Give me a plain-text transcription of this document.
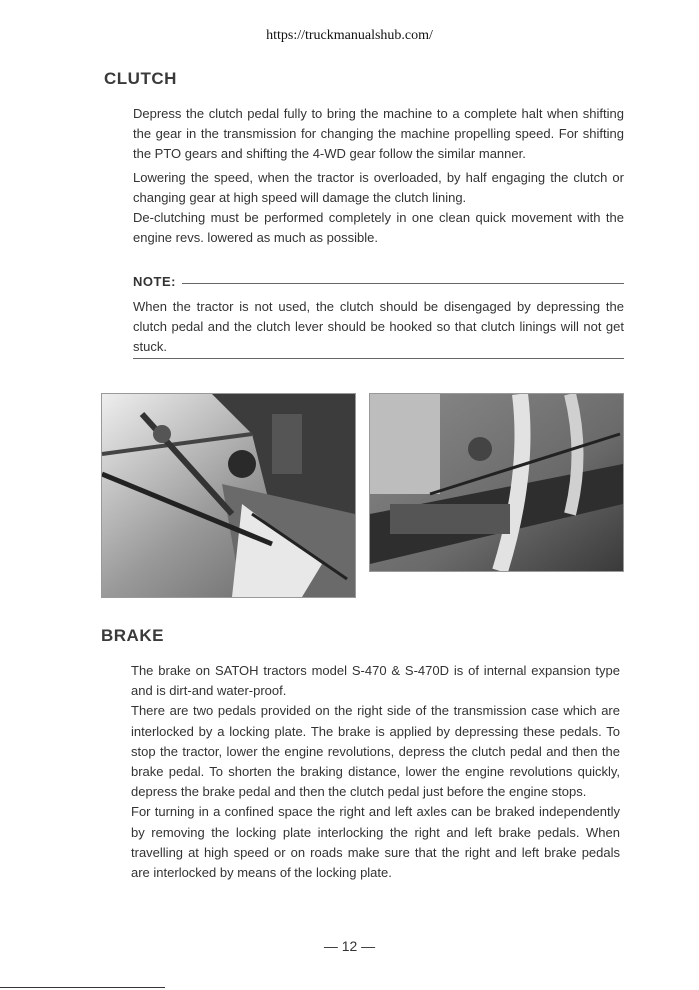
https://truckmanualshub.com/
CLUTCH

Depress the clutch pedal fully to bring the machine to a complete halt when shifting the gear in the transmission for changing the machine propelling speed. For shifting the PTO gears and shifting the 4-WD gear follow the similar manner.

Lowering the speed, when the tractor is overloaded, by half engaging the clutch or changing gear at high speed will damage the clutch lining.

De-clutching must be performed completely in one clean quick movement with the engine revs. lowered as much as possible.

NOTE:

When the tractor is not used, the clutch should be disengaged by depressing the clutch pedal and the clutch lever should be hooked so that clutch linings will not get stuck.

BRAKE

The brake on SATOH tractors model S-470 & S-470D is of internal expansion type and is dirt-and water-proof.

There are two pedals provided on the right side of the transmission case which are interlocked by a locking plate. The brake is applied by depressing these pedals. To stop the tractor, lower the engine revolutions, depress the clutch pedal and then the brake pedal. To shorten the braking distance, lower the engine revolutions quickly, depress the brake pedal and then the clutch pedal just before the engine stops.

For turning in a confined space the right and left axles can be braked independently by removing the locking plate interlocking the right and left brake pedals. When travelling at high speed or on roads make sure that the right and left brake pedals are interlocked by means of the locking plate.

— 12 —
